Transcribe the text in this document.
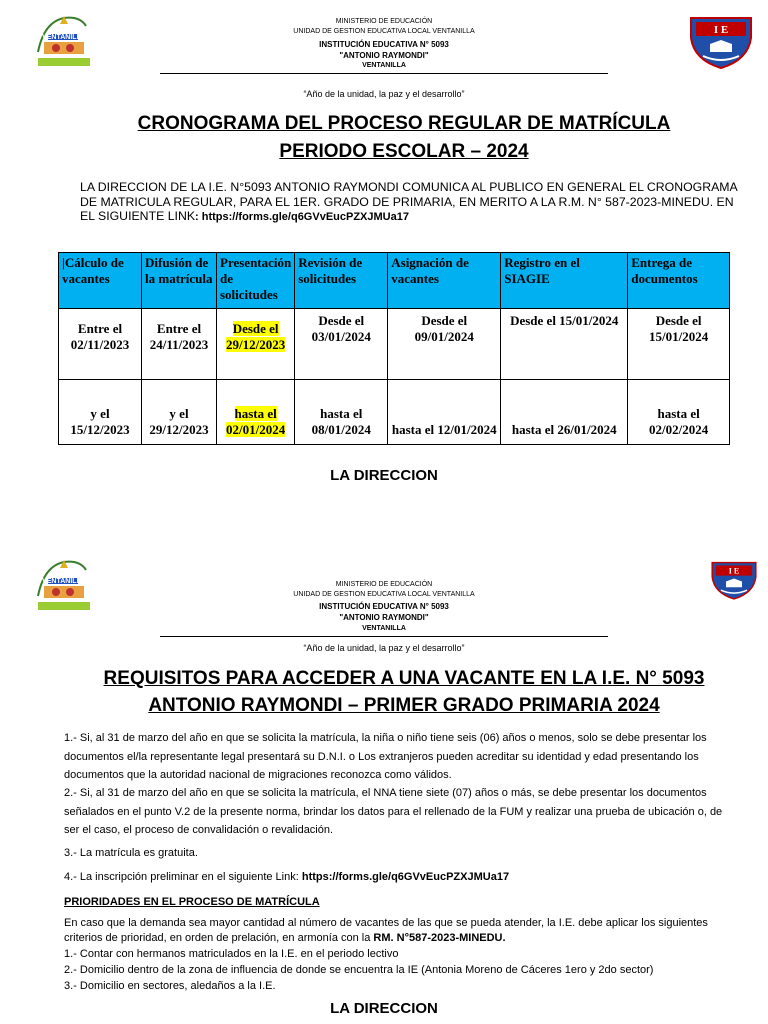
VENTANILLA
I E
MINISTERIO DE EDUCACIÓN
UNIDAD DE GESTION EDUCATIVA LOCAL VENTANILLA
INSTITUCIÓN EDUCATIVA N° 5093
"ANTONIO RAYMONDI"
VENTANILLA
“Año de la unidad, la paz y el desarrollo”
CRONOGRAMA DEL PROCESO REGULAR DE MATRÍCULA
PERIODO ESCOLAR – 2024
LA DIRECCION DE LA I.E. N°5093 ANTONIO RAYMONDI COMUNICA AL PUBLICO EN GENERAL EL CRONOGRAMA DE MATRICULA REGULAR, PARA EL 1ER. GRADO DE PRIMARIA, EN MERITO A LA R.M. N° 587-2023-MINEDU. EN EL SIGUIENTE LINK: https://forms.gle/q6GVvEucPZXJMUa17
|Cálculo de vacantes	Difusión de la matrícula	Presentación de solicitudes	Revisión de solicitudes	Asignación de vacantes	Registro en el SIAGIE	Entrega de documentos
Entre el 02/11/2023	Entre el 24/11/2023	Desde el 29/12/2023	Desde el 03/01/2024	Desde el 09/01/2024	Desde el 15/01/2024	Desde el 15/01/2024
y el 15/12/2023	y el 29/12/2023	hasta el 02/01/2024	hasta el 08/01/2024	hasta el 12/01/2024	hasta el 26/01/2024	hasta el 02/02/2024
LA DIRECCION
VENTANILLA
I E
MINISTERIO DE EDUCACIÓN
UNIDAD DE GESTION EDUCATIVA LOCAL VENTANILLA
INSTITUCIÓN EDUCATIVA N° 5093
"ANTONIO RAYMONDI"
VENTANILLA
“Año de la unidad, la paz y el desarrollo”
REQUISITOS PARA ACCEDER A UNA VACANTE EN LA I.E. N° 5093
ANTONIO RAYMONDI – PRIMER GRADO PRIMARIA 2024
1.- Si, al 31 de marzo del año en que se solicita la matrícula, la niña o niño tiene seis (06) años o menos, solo se debe presentar los documentos el/la representante legal presentará su D.N.I. o Los extranjeros pueden acreditar su identidad y edad presentando los documentos que la autoridad nacional de migraciones reconozca como válidos.
2.- Si, al 31 de marzo del año en que se solicita la matrícula, el NNA tiene siete (07) años o más, se debe presentar los documentos señalados en el punto V.2 de la presente norma, brindar los datos para el rellenado de la FUM y realizar una prueba de ubicación o, de ser el caso, el proceso de convalidación o revalidación.
3.- La matrícula es gratuita.
4.- La inscripción preliminar en el siguiente Link: https://forms.gle/q6GVvEucPZXJMUa17
PRIORIDADES EN EL PROCESO DE MATRÍCULA
En caso que la demanda sea mayor cantidad al número de vacantes de las que se pueda atender, la I.E. debe aplicar los siguientes criterios de prioridad, en orden de prelación, en armonía con la RM. N°587-2023-MINEDU.
1.- Contar con hermanos matriculados en la I.E. en el periodo lectivo
2.- Domicilio dentro de la zona de influencia de donde se encuentra la IE (Antonia Moreno de Cáceres 1ero y 2do sector)
3.- Domicilio en sectores, aledaños a la I.E.
LA DIRECCION
